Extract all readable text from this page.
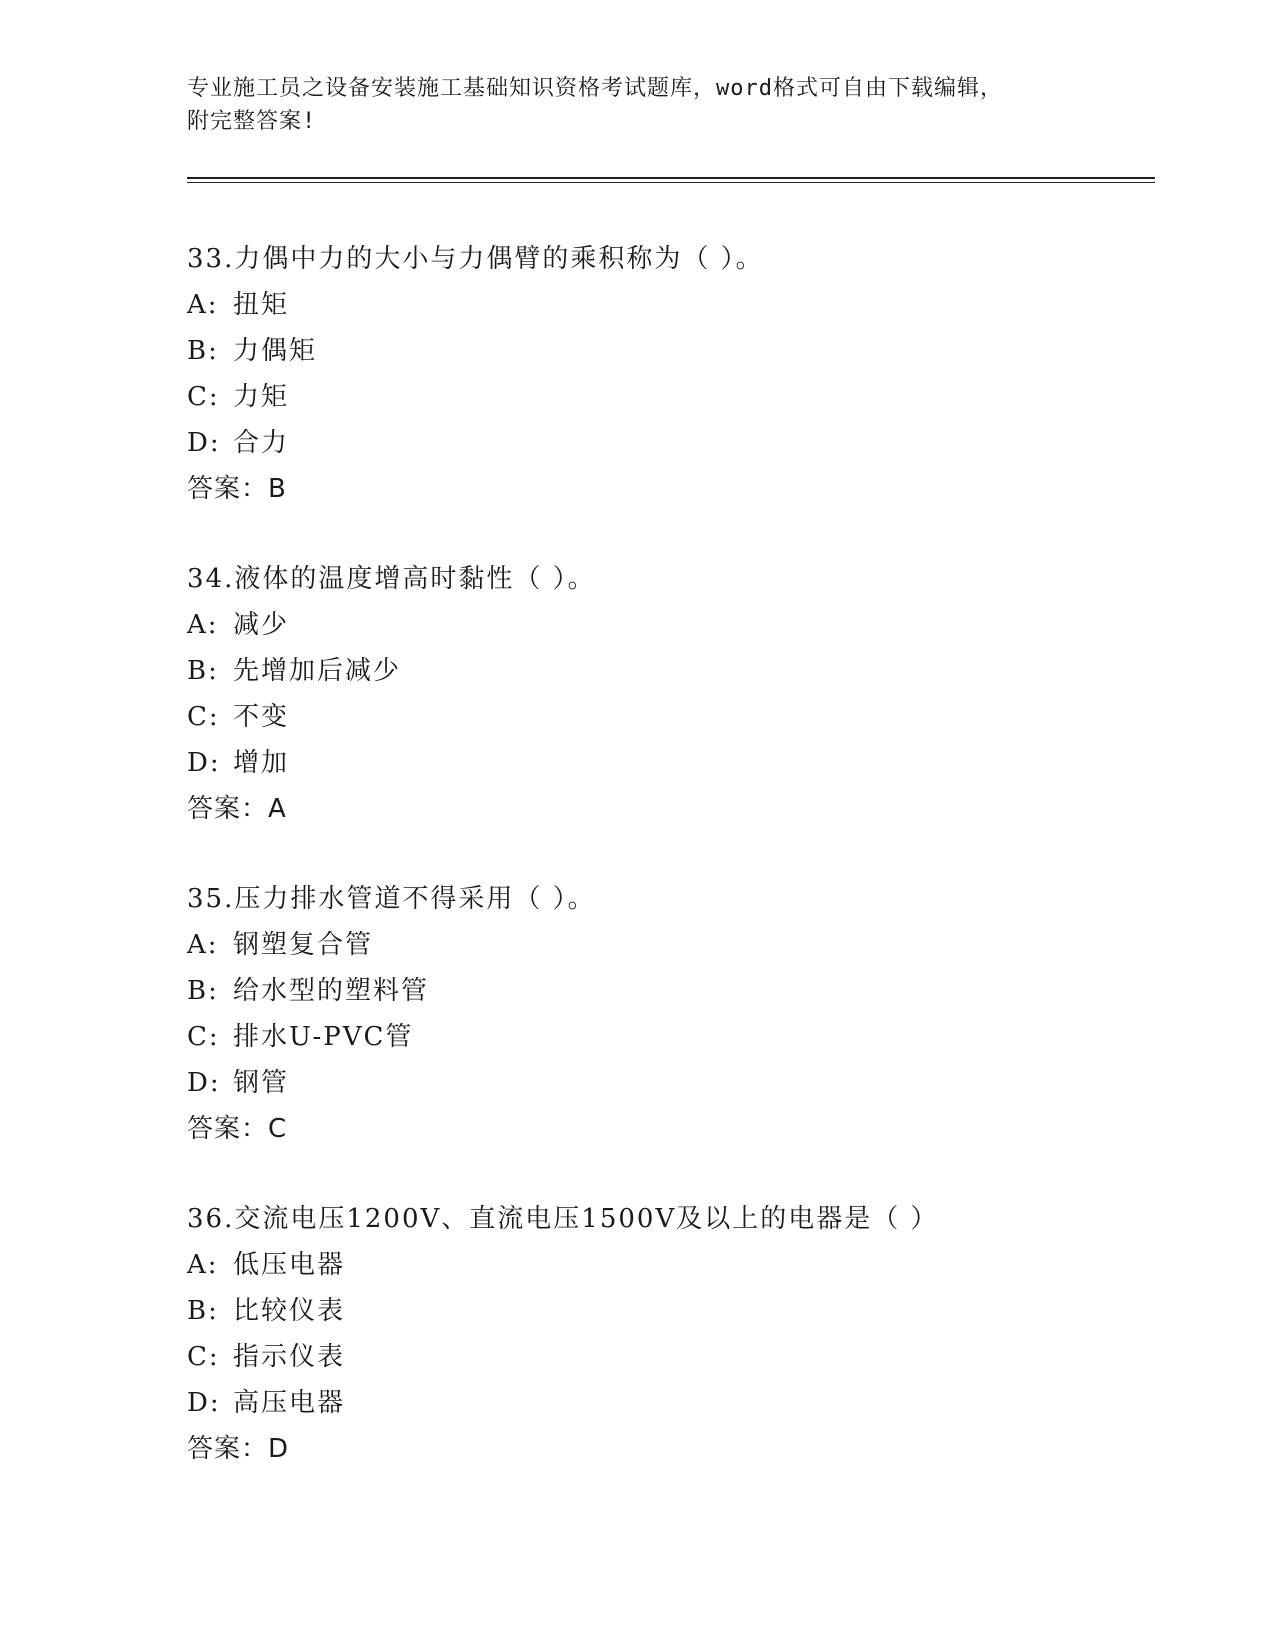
专业施工员之设备安装施工基础知识资格考试题库，word格式可自由下载编辑，
附完整答案!
33.力偶中力的大小与力偶臂的乘积称为（ ）。
A: 扭矩
B: 力偶矩
C: 力矩
D: 合力
答案：B
34.液体的温度增高时黏性（ ）。
A: 减少
B: 先增加后减少
C: 不变
D: 增加
答案：A
35.压力排水管道不得采用（ ）。
A: 钢塑复合管
B: 给水型的塑料管
C: 排水U-PVC管
D: 钢管
答案：C
36.交流电压1200V、直流电压1500V及以上的电器是（ ）
A: 低压电器
B: 比较仪表
C: 指示仪表
D: 高压电器
答案：D
